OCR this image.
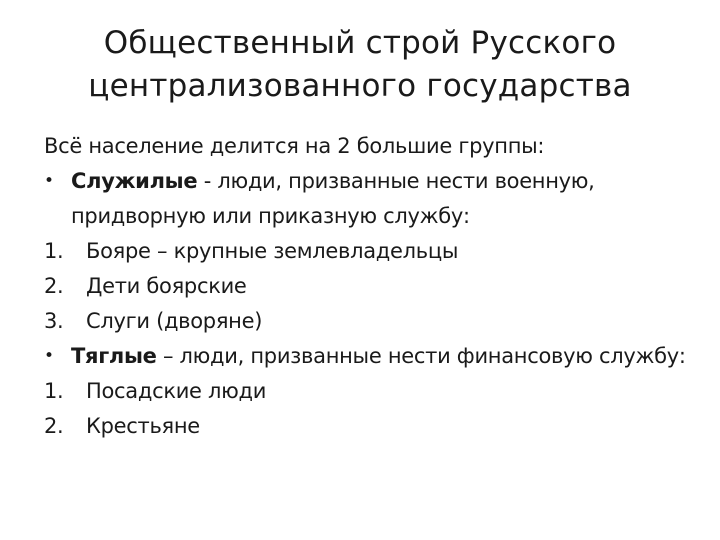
Общественный строй Русского
централизованного государства
Всё население делится на 2 большие группы:
• Служилые - люди, призванные нести военную, придворную или приказную службу:
1. Бояре – крупные землевладельцы
2. Дети боярские
3. Слуги (дворяне)
• Тяглые – люди, призванные нести финансовую службу:
1. Посадские люди
2. Крестьяне
